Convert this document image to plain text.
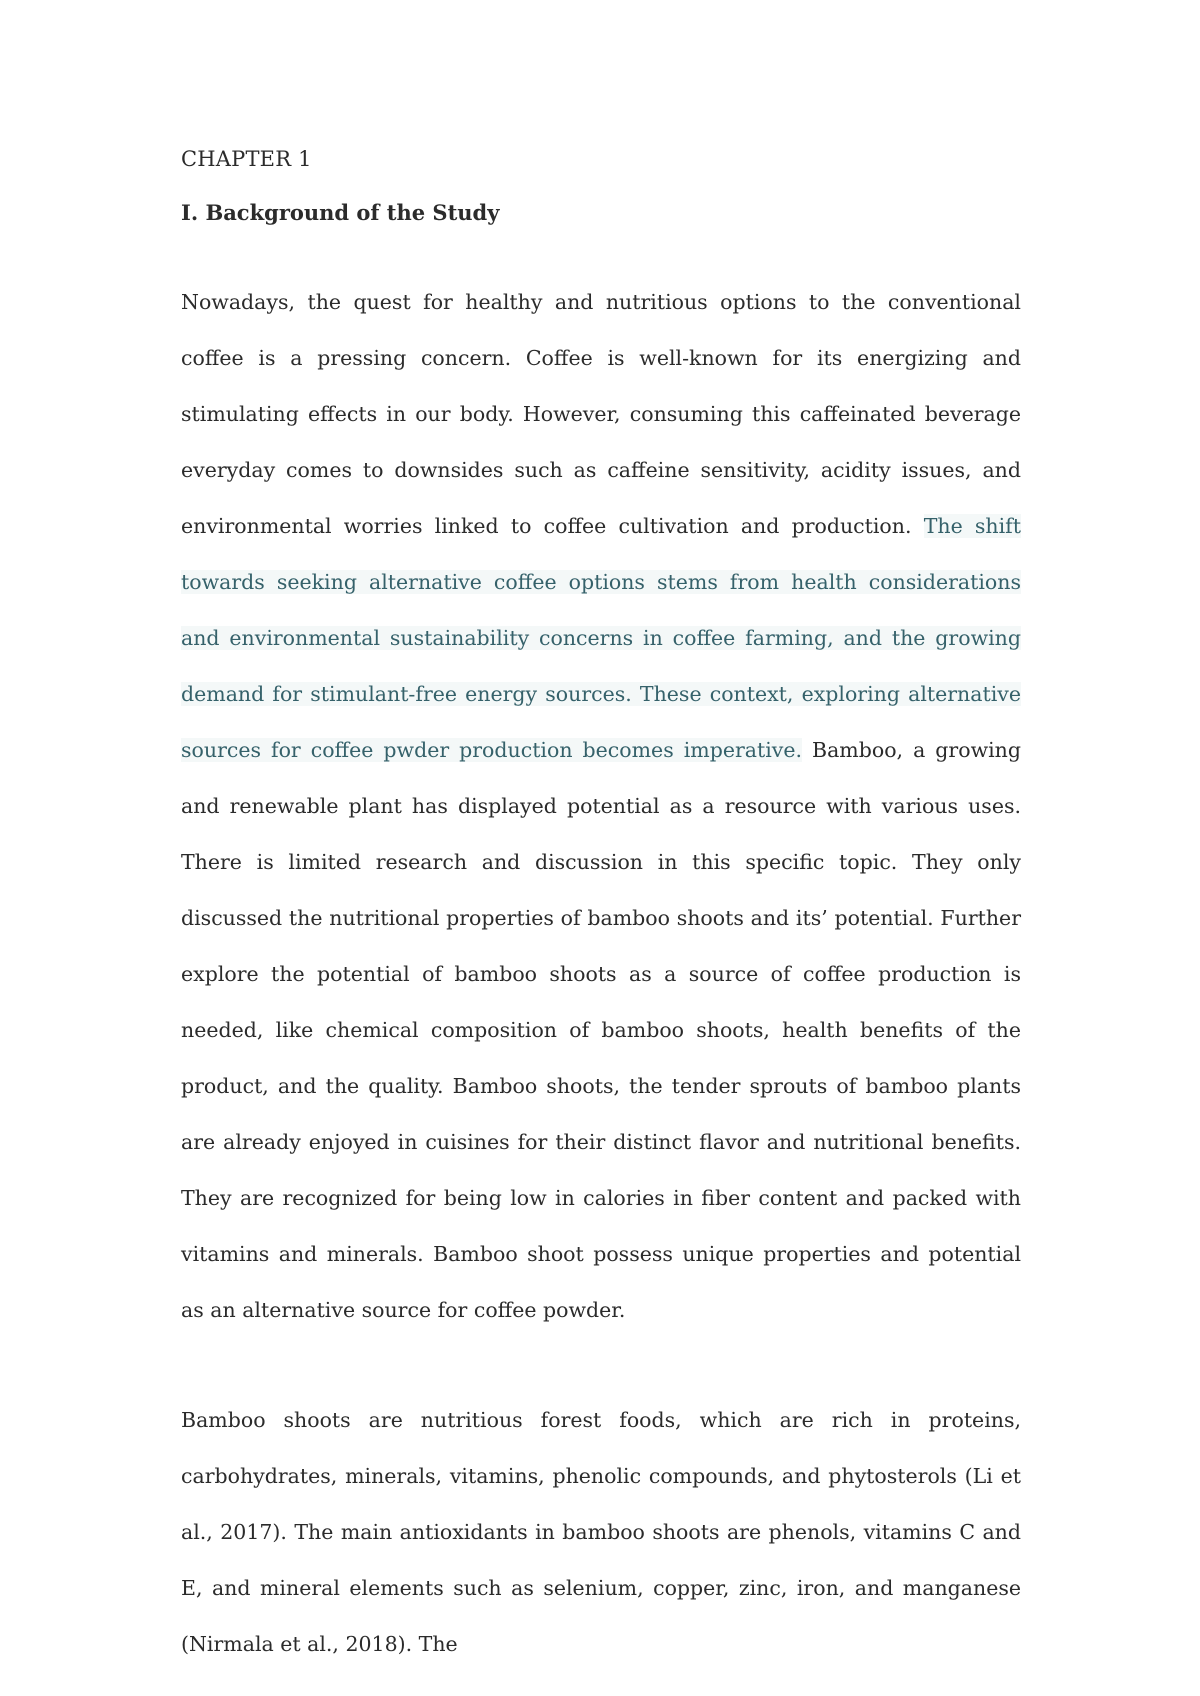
CHAPTER 1
I. Background of the Study

Nowadays, the quest for healthy and nutritious options to the conventional coffee is a pressing concern. Coffee is well-known for its energizing and stimulating effects in our body. However, consuming this caffeinated beverage everyday comes to downsides such as caffeine sensitivity, acidity issues, and environmental worries linked to coffee cultivation and production. The shift towards seeking alternative coffee options stems from health considerations and environmental sustainability concerns in coffee farming, and the growing demand for stimulant-free energy sources. These context, exploring alternative sources for coffee pwder production becomes imperative. Bamboo, a growing and renewable plant has displayed potential as a resource with various uses. There is limited research and discussion in this specific topic. They only discussed the nutritional properties of bamboo shoots and its’ potential. Further explore the potential of bamboo shoots as a source of coffee production is needed, like chemical composition of bamboo shoots, health benefits of the product, and the quality. Bamboo shoots, the tender sprouts of bamboo plants are already enjoyed in cuisines for their distinct flavor and nutritional benefits. They are recognized for being low in calories in fiber content and packed with vitamins and minerals. Bamboo shoot possess unique properties and potential as an alternative source for coffee powder.

Bamboo shoots are nutritious forest foods, which are rich in proteins, carbohydrates, minerals, vitamins, phenolic compounds, and phytosterols (Li et al., 2017). The main antioxidants in bamboo shoots are phenols, vitamins C and E, and mineral elements such as selenium, copper, zinc, iron, and manganese (Nirmala et al., 2018). The
